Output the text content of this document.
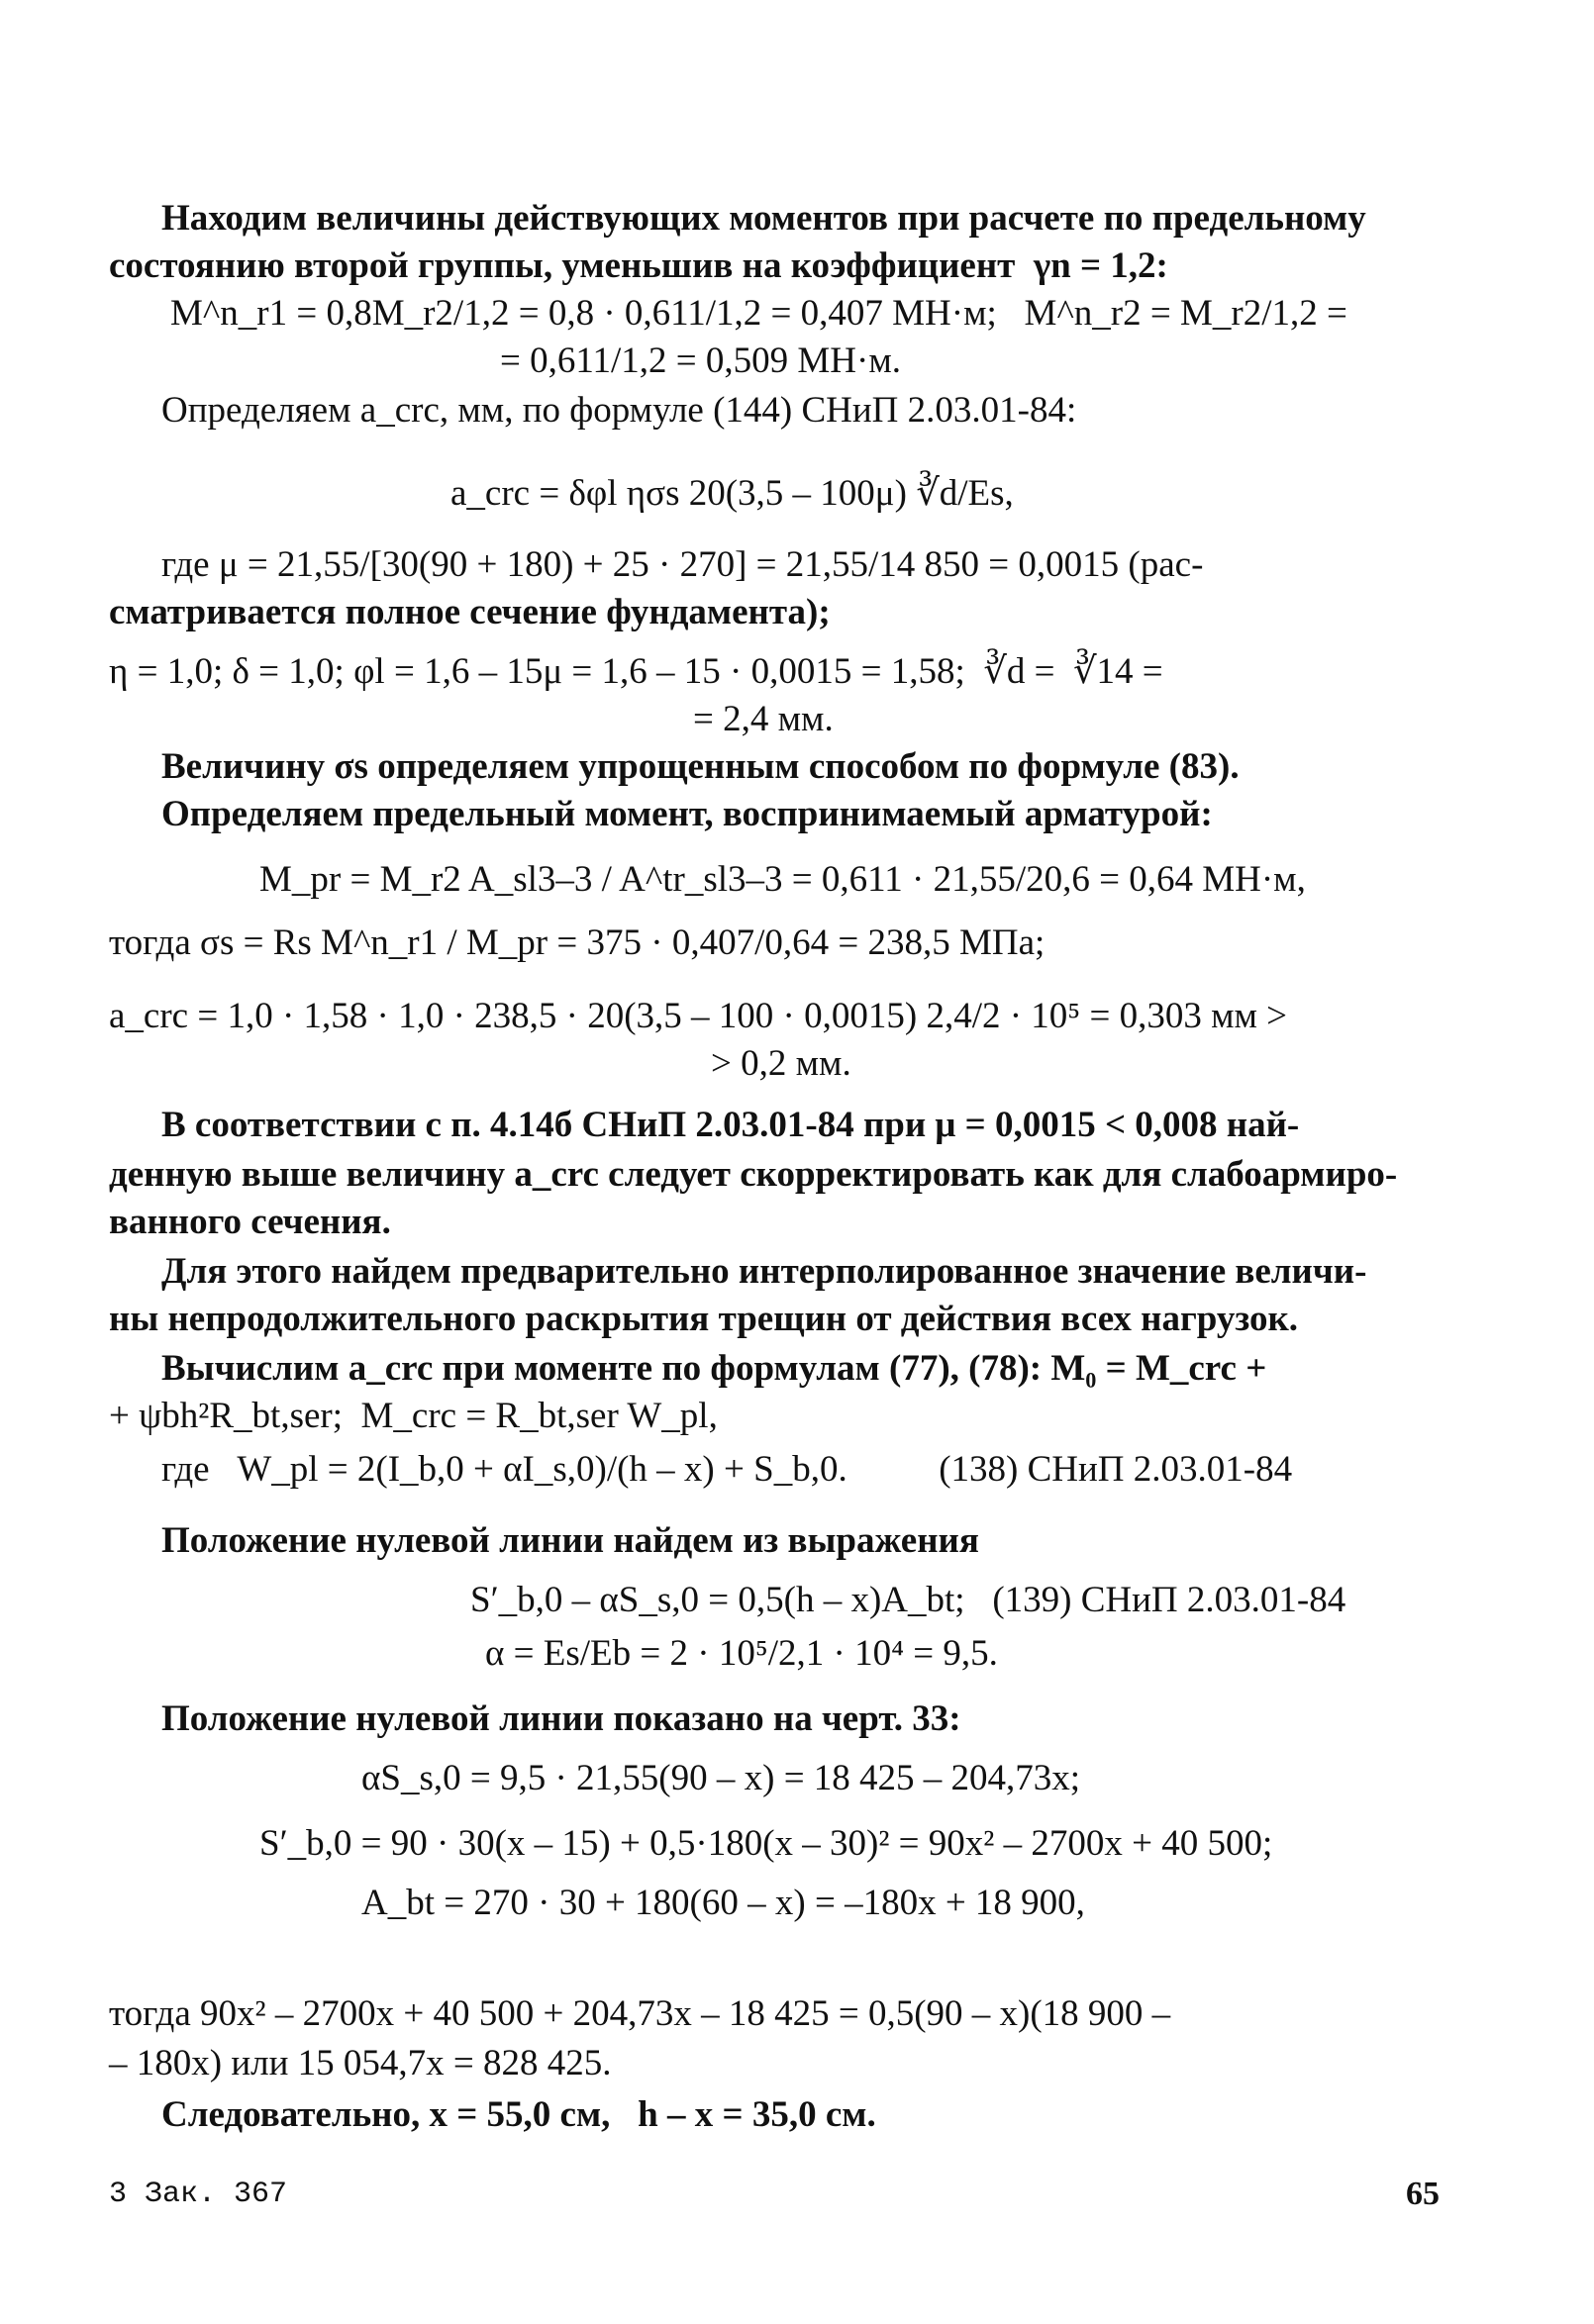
Находим величины действующих моментов при расчете по предельному
состоянию второй группы, уменьшив на коэффициент  γn = 1,2:
M^n_r1 = 0,8M_r2/1,2 = 0,8 · 0,611/1,2 = 0,407 МН·м;   M^n_r2 = M_r2/1,2 =
= 0,611/1,2 = 0,509 МН·м.
Определяем a_crc, мм, по формуле (144) СНиП 2.03.01-84:
a_crc = δφl ησs 20(3,5 – 100μ) ∛d/Es,
где μ = 21,55/[30(90 + 180) + 25 · 270] = 21,55/14 850 = 0,0015 (рас-
сматривается полное сечение фундамента);
η = 1,0; δ = 1,0; φl = 1,6 – 15μ = 1,6 – 15 · 0,0015 = 1,58;  ∛d =  ∛14 =
= 2,4 мм.
Величину σs определяем упрощенным способом по формуле (83).
Определяем предельный момент, воспринимаемый арматурой:
M_pr = M_r2 A_sl3–3 / A^tr_sl3–3 = 0,611 · 21,55/20,6 = 0,64 МН·м,
тогда σs = Rs M^n_r1 / M_pr = 375 · 0,407/0,64 = 238,5 МПа;
a_crc = 1,0 · 1,58 · 1,0 · 238,5 · 20(3,5 – 100 · 0,0015) 2,4/2 · 10⁵ = 0,303 мм >
> 0,2 мм.
В соответствии с п. 4.14б СНиП 2.03.01-84 при μ = 0,0015 < 0,008 най-
денную выше величину a_crc следует скорректировать как для слабоармиро-
ванного сечения.
Для этого найдем предварительно интерполированное значение величи-
ны непродолжительного раскрытия трещин от действия всех нагрузок.
Вычислим a_crc при моменте по формулам (77), (78): M₀ = M_crc +
+ ψbh²R_bt,ser;  M_crc = R_bt,ser W_pl,
где   W_pl = 2(I_b,0 + αI_s,0)/(h – x) + S_b,0.          (138) СНиП 2.03.01-84
Положение нулевой линии найдем из выражения
S′_b,0 – αS_s,0 = 0,5(h – x)A_bt;   (139) СНиП 2.03.01-84
α = Es/Eb = 2 · 10⁵/2,1 · 10⁴ = 9,5.
Положение нулевой линии показано на черт. 33:
αS_s,0 = 9,5 · 21,55(90 – x) = 18 425 – 204,73x;
S′_b,0 = 90 · 30(x – 15) + 0,5·180(x – 30)² = 90x² – 2700x + 40 500;
A_bt = 270 · 30 + 180(60 – x) = –180x + 18 900,
тогда 90x² – 2700x + 40 500 + 204,73x – 18 425 = 0,5(90 – x)(18 900 –
– 180x) или 15 054,7x = 828 425.
Следовательно, x = 55,0 см,   h – x = 35,0 см.
3 Зак. 367	65
